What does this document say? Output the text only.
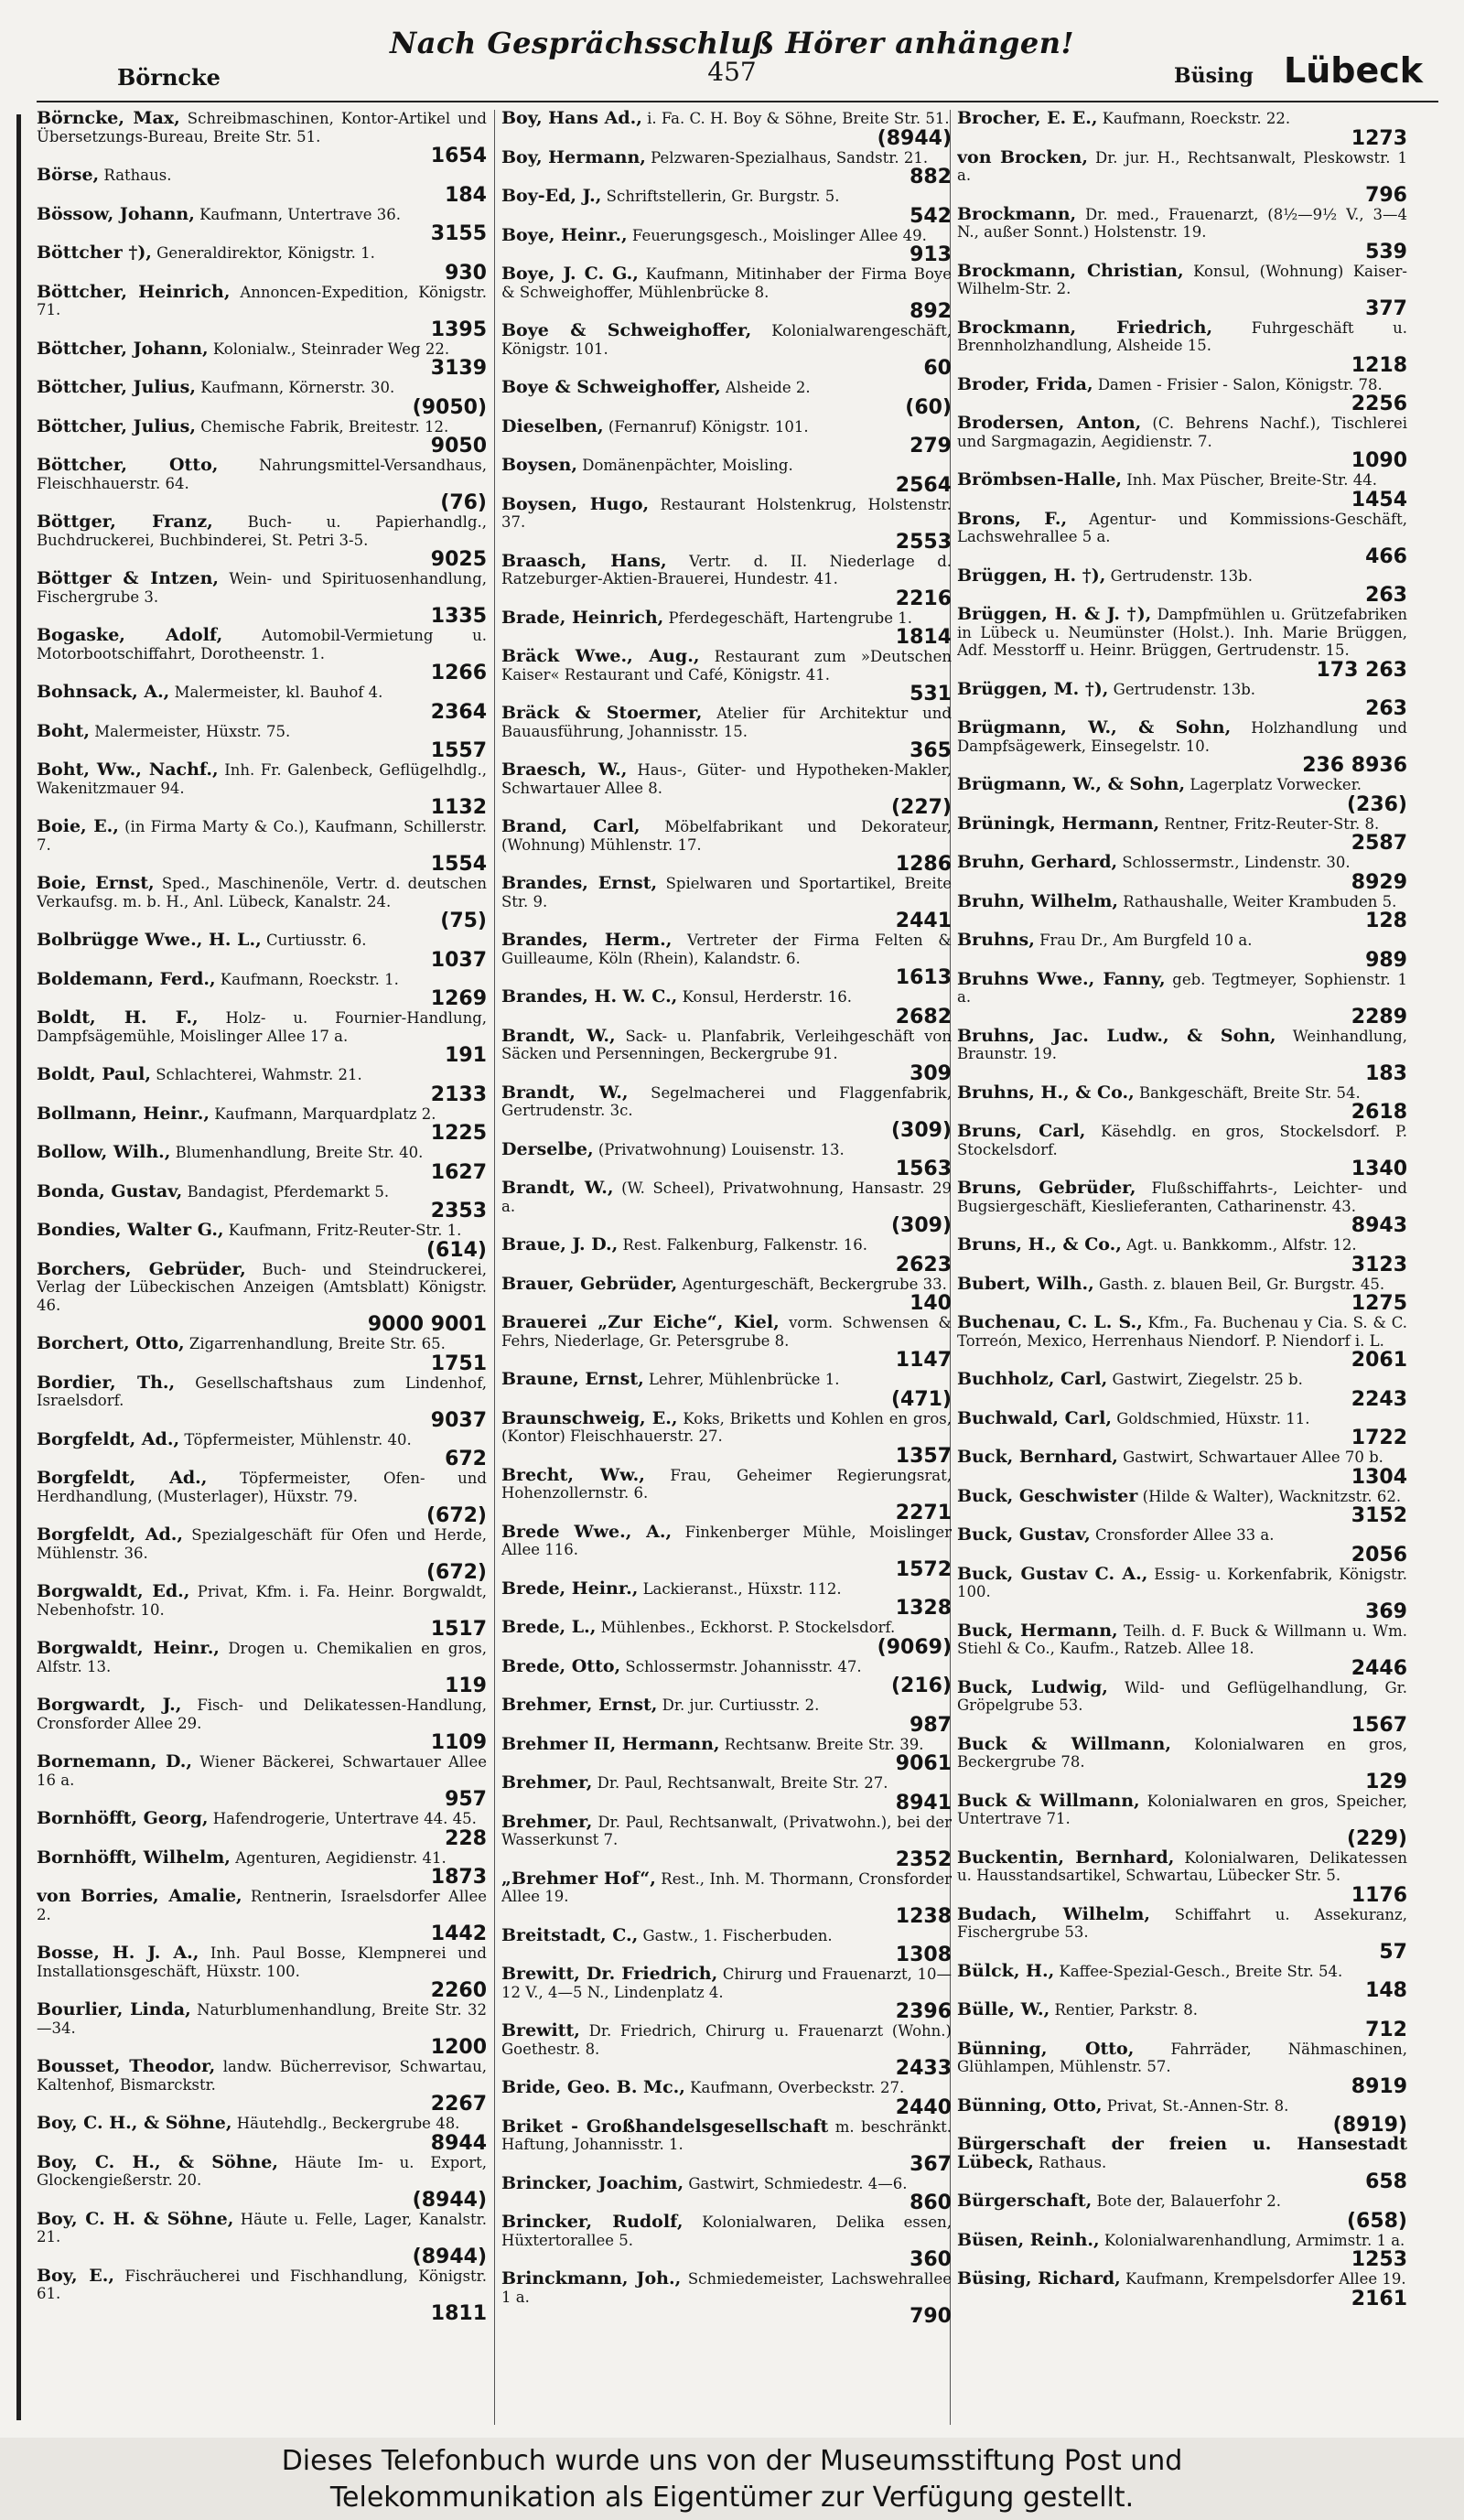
Nach Gesprächsschluß Hörer anhängen!
Börncke	457	Büsing Lübeck
Börncke, Max, Schreibmaschinen, Kontor-Artikel und Übersetzungs-Bureau, Breite Str. 51.
1654
Börse, Rathaus.
184
Bössow, Johann, Kaufmann, Untertrave 36.
3155
Böttcher †), Generaldirektor, Königstr. 1.
930
Böttcher, Heinrich, Annoncen-Expedition, Königstr. 71.
1395
Böttcher, Johann, Kolonialw., Steinrader Weg 22.
3139
Böttcher, Julius, Kaufmann, Körnerstr. 30.
(9050)
Böttcher, Julius, Chemische Fabrik, Breitestr. 12.
9050
Böttcher, Otto,	Nahrungsmittel-Versandhaus, Fleischhauerstr. 64.
(76)
Böttger, Franz, Buch- u. Papierhandlg., Buchdruckerei, Buchbinderei, St. Petri 3-5.
9025
Böttger & Intzen, Wein- und Spirituosenhandlung, Fischergrube 3.
1335
Bogaske, Adolf,	Automobil-Vermietung u. Motorbootschiffahrt, Dorotheenstr. 1.
1266
Bohnsack, A., Malermeister, kl. Bauhof 4.
2364
Boht, Malermeister, Hüxstr. 75.
1557
Boht, Ww., Nachf., Inh. Fr. Galenbeck, Geflügelhdlg., Wakenitzmauer 94.
1132
Boie, E., (in Firma Marty & Co.), Kaufmann, Schillerstr. 7.
1554
Boie, Ernst, Sped., Maschinenöle, Vertr. d. deutschen Verkaufsg. m. b. H., Anl. Lübeck, Kanalstr. 24.
(75)
Bolbrügge Wwe., H. L., Curtiusstr. 6.
1037
Boldemann, Ferd., Kaufmann, Roeckstr. 1.
1269
Boldt, H. F., Holz- u. Fournier-Handlung, Dampfsägemühle, Moislinger Allee 17 a.
191
Boldt, Paul, Schlachterei, Wahmstr. 21.
2133
Bollmann, Heinr., Kaufmann, Marquardplatz 2.
1225
Bollow, Wilh., Blumenhandlung, Breite Str. 40.
1627
Bonda, Gustav, Bandagist, Pferdemarkt 5.
2353
Bondies, Walter G., Kaufmann, Fritz-Reuter-Str. 1.
(614)
Borchers, Gebrüder, Buch- und Steindruckerei, Verlag der Lübeckischen Anzeigen (Amtsblatt) Königstr. 46.
9000 9001
Borchert, Otto, Zigarrenhandlung, Breite Str. 65.
1751
Bordier, Th., Gesellschaftshaus zum Lindenhof, Israelsdorf.
9037
Borgfeldt, Ad., Töpfermeister, Mühlenstr. 40.
672
Borgfeldt, Ad., Töpfermeister, Ofen- und Herdhandlung, (Musterlager), Hüxstr. 79.
(672)
Borgfeldt, Ad., Spezialgeschäft für Ofen und Herde, Mühlenstr. 36.
(672)
Borgwaldt, Ed., Privat, Kfm. i. Fa. Heinr. Borgwaldt, Nebenhofstr. 10.
1517
Borgwaldt, Heinr., Drogen u. Chemikalien en gros, Alfstr. 13.
119
Borgwardt, J., Fisch- und Delikatessen-Handlung, Cronsforder Allee 29.
1109
Bornemann, D., Wiener Bäckerei, Schwartauer Allee 16 a.
957
Bornhöfft, Georg, Hafendrogerie, Untertrave 44. 45.
228
Bornhöfft, Wilhelm, Agenturen, Aegidienstr. 41.
1873
von Borries, Amalie, Rentnerin, Israelsdorfer Allee 2.
1442
Bosse, H. J. A., Inh. Paul Bosse, Klempnerei und Installationsgeschäft, Hüxstr. 100.
2260
Bourlier, Linda, Naturblumenhandlung, Breite Str. 32—34.
1200
Bousset, Theodor, landw. Bücherrevisor, Schwartau, Kaltenhof, Bismarckstr.
2267
Boy, C. H., & Söhne, Häutehdlg., Beckergrube 48.
8944
Boy, C. H., & Söhne, Häute Im- u. Export, Glockengießerstr. 20.
(8944)
Boy, C. H. & Söhne, Häute u. Felle, Lager, Kanalstr. 21.
(8944)
Boy, E., Fischräucherei und Fischhandlung, Königstr. 61.
1811
Boy, Hans Ad., i. Fa. C. H. Boy & Söhne, Breite Str. 51.
(8944)
Boy, Hermann, Pelzwaren-Spezialhaus, Sandstr. 21.
882
Boy-Ed, J., Schriftstellerin, Gr. Burgstr. 5.
542
Boye, Heinr., Feuerungsgesch., Moislinger Allee 49.
913
Boye, J. C. G., Kaufmann, Mitinhaber der Firma Boye & Schweighoffer, Mühlenbrücke 8.
892
Boye & Schweighoffer, Kolonialwarengeschäft, Königstr. 101.
60
Boye & Schweighoffer, Alsheide 2.
(60)
Dieselben, (Fernanruf) Königstr. 101.
279
Boysen, Domänenpächter, Moisling.
2564
Boysen, Hugo, Restaurant Holstenkrug, Holstenstr. 37.
2553
Braasch, Hans, Vertr. d. II. Niederlage d. Ratzeburger-Aktien-Brauerei, Hundestr. 41.
2216
Brade, Heinrich, Pferdegeschäft, Hartengrube 1.
1814
Bräck Wwe., Aug., Restaurant zum »Deutschen Kaiser« Restaurant und Café, Königstr. 41.
531
Bräck & Stoermer, Atelier für Architektur und Bauausführung, Johannisstr. 15.
365
Braesch, W., Haus-, Güter- und Hypotheken-Makler, Schwartauer Allee 8.
(227)
Brand, Carl, Möbelfabrikant und Dekorateur, (Wohnung) Mühlenstr. 17.
1286
Brandes, Ernst, Spielwaren und Sportartikel, Breite Str. 9.
2441
Brandes, Herm., Vertreter der Firma Felten & Guilleaume, Köln (Rhein), Kalandstr. 6.
1613
Brandes, H. W. C., Konsul, Herderstr. 16.
2682
Brandt, W., Sack- u. Planfabrik, Verleihgeschäft von Säcken und Persenningen, Beckergrube 91.
309
Brandt, W., Segelmacherei und Flaggenfabrik, Gertrudenstr. 3c.
(309)
Derselbe, (Privatwohnung) Louisenstr. 13.
1563
Brandt, W., (W. Scheel), Privatwohnung, Hansastr. 29 a.
(309)
Braue, J. D., Rest. Falkenburg, Falkenstr. 16.
2623
Brauer, Gebrüder, Agenturgeschäft, Beckergrube 33.
140
Brauerei „Zur Eiche“, Kiel, vorm. Schwensen & Fehrs, Niederlage, Gr. Petersgrube 8.
1147
Braune, Ernst, Lehrer, Mühlenbrücke 1.
(471)
Braunschweig, E., Koks, Briketts und Kohlen en gros, (Kontor) Fleischhauerstr. 27.
1357
Brecht, Ww., Frau, Geheimer Regierungsrat, Hohenzollernstr. 6.
2271
Brede Wwe., A., Finkenberger Mühle, Moislinger Allee 116.
1572
Brede, Heinr., Lackieranst., Hüxstr. 112.
1328
Brede, L., Mühlenbes., Eckhorst. P. Stockelsdorf.
(9069)
Brede, Otto, Schlossermstr. Johannisstr. 47.
(216)
Brehmer, Ernst, Dr. jur. Curtiusstr. 2.
987
Brehmer II, Hermann, Rechtsanw. Breite Str. 39.
9061
Brehmer, Dr. Paul, Rechtsanwalt, Breite Str. 27.
8941
Brehmer, Dr. Paul, Rechtsanwalt, (Privatwohn.), bei der Wasserkunst 7.
2352
„Brehmer Hof“, Rest., Inh. M. Thormann, Cronsforder Allee 19.
1238
Breitstadt, C., Gastw., 1. Fischerbuden.
1308
Brewitt, Dr. Friedrich, Chirurg und Frauenarzt, 10—12 V., 4—5 N., Lindenplatz 4.
2396
Brewitt, Dr. Friedrich, Chirurg u. Frauenarzt (Wohn.) Goethestr. 8.
2433
Bride, Geo. B. Mc., Kaufmann, Overbeckstr. 27.
2440
Briket - Großhandelsgesellschaft m. beschränkt. Haftung, Johannisstr. 1.
367
Brincker, Joachim, Gastwirt, Schmiedestr. 4—6.
860
Brincker, Rudolf, Kolonialwaren, Delika essen, Hüxtertorallee 5.
360
Brinckmann, Joh., Schmiedemeister, Lachswehrallee 1 a.
790
Brocher, E. E., Kaufmann, Roeckstr. 22.
1273
von Brocken, Dr. jur. H., Rechtsanwalt, Pleskowstr. 1 a.
796
Brockmann, Dr. med., Frauenarzt, (8½—9½ V., 3—4 N., außer Sonnt.) Holstenstr. 19.
539
Brockmann, Christian, Konsul, (Wohnung) Kaiser-Wilhelm-Str. 2.
377
Brockmann, Friedrich,	Fuhrgeschäft u. Brennholzhandlung, Alsheide 15.
1218
Broder, Frida, Damen - Frisier - Salon, Königstr. 78.
2256
Brodersen, Anton, (C. Behrens Nachf.), Tischlerei und Sargmagazin, Aegidienstr. 7.
1090
Brömbsen-Halle, Inh. Max Püscher, Breite-Str. 44.
1454
Brons, F., Agentur- und Kommissions-Geschäft, Lachswehrallee 5 a.
466
Brüggen, H. †), Gertrudenstr. 13b.
263
Brüggen, H. & J. †), Dampfmühlen u. Grützefabriken in Lübeck u. Neumünster (Holst.). Inh. Marie Brüggen, Adf. Messtorff u. Heinr. Brüggen, Gertrudenstr. 15.
173 263
Brüggen, M. †), Gertrudenstr. 13b.
263
Brügmann, W., & Sohn, Holzhandlung und Dampfsägewerk, Einsegelstr. 10.
236 8936
Brügmann, W., & Sohn, Lagerplatz Vorwecker.
(236)
Brüningk, Hermann, Rentner, Fritz-Reuter-Str. 8.
2587
Bruhn, Gerhard, Schlossermstr., Lindenstr. 30.
8929
Bruhn, Wilhelm, Rathaushalle, Weiter Krambuden 5.
128
Bruhns, Frau Dr., Am Burgfeld 10 a.
989
Bruhns Wwe., Fanny, geb. Tegtmeyer, Sophienstr. 1 a.
2289
Bruhns, Jac. Ludw., & Sohn, Weinhandlung, Braunstr. 19.
183
Bruhns, H., & Co., Bankgeschäft, Breite Str. 54.
2618
Bruns, Carl, Käsehdlg. en gros, Stockelsdorf. P. Stockelsdorf.
1340
Bruns, Gebrüder, Flußschiffahrts-, Leichter- und Bugsiergeschäft, Kieslieferanten, Catharinenstr. 43.
8943
Bruns, H., & Co., Agt. u. Bankkomm., Alfstr. 12.
3123
Bubert, Wilh., Gasth. z. blauen Beil, Gr. Burgstr. 45.
1275
Buchenau, C. L. S., Kfm., Fa. Buchenau y Cia. S. & C. Torreón, Mexico, Herrenhaus Niendorf. P. Niendorf i. L.
2061
Buchholz, Carl, Gastwirt, Ziegelstr. 25 b.
2243
Buchwald, Carl, Goldschmied, Hüxstr. 11.
1722
Buck, Bernhard, Gastwirt, Schwartauer Allee 70 b.
1304
Buck, Geschwister (Hilde & Walter), Wacknitzstr. 62.
3152
Buck, Gustav, Cronsforder Allee 33 a.
2056
Buck, Gustav C. A., Essig- u. Korkenfabrik, Königstr. 100.
369
Buck, Hermann, Teilh. d. F. Buck & Willmann u. Wm. Stiehl & Co., Kaufm., Ratzeb. Allee 18.
2446
Buck, Ludwig, Wild- und Geflügelhandlung, Gr. Gröpelgrube 53.
1567
Buck & Willmann, Kolonialwaren en gros, Beckergrube 78.
129
Buck & Willmann, Kolonialwaren en gros, Speicher, Untertrave 71.
(229)
Buckentin, Bernhard, Kolonialwaren, Delikatessen u. Hausstandsartikel, Schwartau, Lübecker Str. 5.
1176
Budach, Wilhelm, Schiffahrt u. Assekuranz, Fischergrube 53.
57
Bülck, H., Kaffee-Spezial-Gesch., Breite Str. 54.
148
Bülle, W., Rentier, Parkstr. 8.
712
Bünning, Otto, Fahrräder, Nähmaschinen, Glühlampen, Mühlenstr. 57.
8919
Bünning, Otto, Privat, St.-Annen-Str. 8.
(8919)
Bürgerschaft der freien u. Hansestadt Lübeck, Rathaus.
658
Bürgerschaft, Bote der, Balauerfohr 2.
(658)
Büsen, Reinh., Kolonialwarenhandlung, Armimstr. 1 a.
1253
Büsing, Richard, Kaufmann, Krempelsdorfer Allee 19.
2161
Dieses Telefonbuch wurde uns von der Museumsstiftung Post und
Telekommunikation als Eigentümer zur Verfügung gestellt.
